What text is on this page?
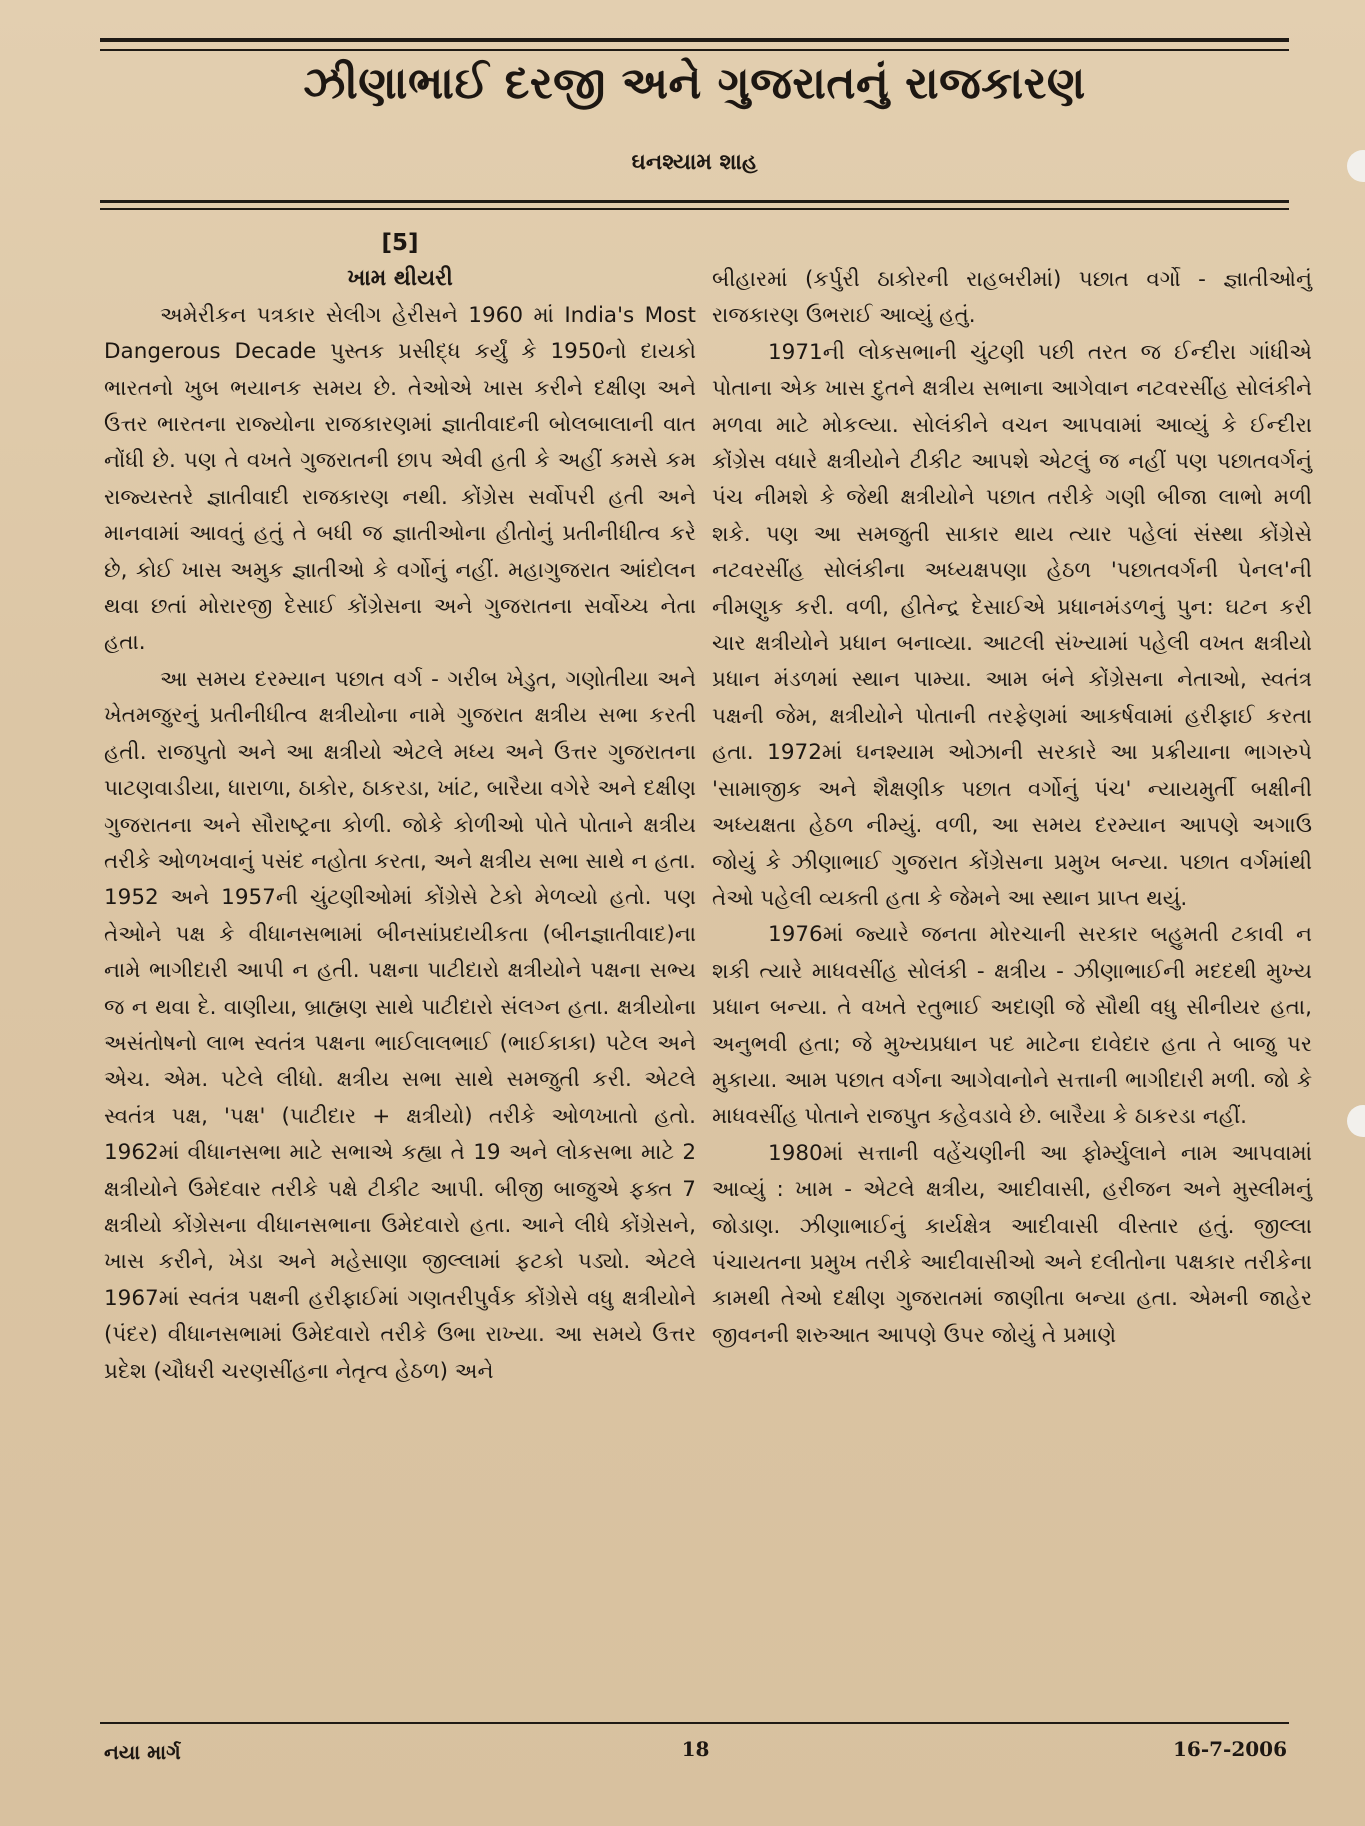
ઝીણાભાઈ દરજી અને ગુજરાતનું રાજકારણ
ઘનશ્યામ શાહ

[5]

ખામ થીયરી

અમેરીકન પત્રકાર સેલીગ હેરીસને 1960 માં India's Most Dangerous Decade પુસ્તક પ્રસીદ્ધ કર્યું કે 1950નો દાયકો ભારતનો ખુબ ભયાનક સમય છે. તેઓએ ખાસ કરીને દક્ષીણ અને ઉત્તર ભારતના રાજ્યોના રાજકારણમાં જ્ઞાતીવાદની બોલબાલાની વાત નોંધી છે. પણ તે વખતે ગુજરાતની છાપ એવી હતી કે અહીં કમસે કમ રાજ્યસ્તરે જ્ઞાતીવાદી રાજકારણ નથી. કોંગ્રેસ સર્વોપરી હતી અને માનવામાં આવતું હતું તે બધી જ જ્ઞાતીઓના હીતોનું પ્રતીનીધીત્વ કરે છે, કોઈ ખાસ અમુક જ્ઞાતીઓ કે વર્ગોનું નહીં. મહાગુજરાત આંદોલન થવા છતાં મોરારજી દેસાઈ કોંગ્રેસના અને ગુજરાતના સર્વોચ્ચ નેતા હતા.

આ સમય દરમ્યાન પછાત વર્ગ - ગરીબ ખેડુત, ગણોતીયા અને ખેતમજુરનું પ્રતીનીધીત્વ ક્ષત્રીયોના નામે ગુજરાત ક્ષત્રીય સભા કરતી હતી. રાજપુતો અને આ ક્ષત્રીયો એટલે મધ્ય અને ઉત્તર ગુજરાતના પાટણવાડીયા, ધારાળા, ઠાકોર, ઠાકરડા, ખાંટ, બારૈયા વગેરે અને દક્ષીણ ગુજરાતના અને સૌરાષ્ટ્રના કોળી. જોકે કોળીઓ પોતે પોતાને ક્ષત્રીય તરીકે ઓળખવાનું પસંદ નહોતા કરતા, અને ક્ષત્રીય સભા સાથે ન હતા. 1952 અને 1957ની ચુંટણીઓમાં કોંગ્રેસે ટેકો મેળવ્યો હતો. પણ તેઓને પક્ષ કે વીધાનસભામાં બીનસાંપ્રદાયીકતા (બીનજ્ઞાતીવાદ)ના નામે ભાગીદારી આપી ન હતી. પક્ષના પાટીદારો ક્ષત્રીયોને પક્ષના સભ્ય જ ન થવા દે. વાણીયા, બ્રાહ્મણ સાથે પાટીદારો સંલગ્ન હતા. ક્ષત્રીયોના અસંતોષનો લાભ સ્વતંત્ર પક્ષના ભાઈલાલભાઈ (ભાઈકાકા) પટેલ અને એચ. એમ. પટેલે લીધો. ક્ષત્રીય સભા સાથે સમજુતી કરી. એટલે સ્વતંત્ર પક્ષ, 'પક્ષ' (પાટીદાર + ક્ષત્રીયો) તરીકે ઓળખાતો હતો. 1962માં વીધાનસભા માટે સભાએ કહ્યા તે 19 અને લોકસભા માટે 2 ક્ષત્રીયોને ઉમેદવાર તરીકે પક્ષે ટીકીટ આપી. બીજી બાજુએ ફક્ત 7 ક્ષત્રીયો કોંગ્રેસના વીધાનસભાના ઉમેદવારો હતા. આને લીધે કોંગ્રેસને, ખાસ કરીને, ખેડા અને મહેસાણા જીલ્લામાં ફટકો પડ્યો. એટલે 1967માં સ્વતંત્ર પક્ષની હરીફાઈમાં ગણતરીપુર્વક કોંગ્રેસે વધુ ક્ષત્રીયોને (પંદર) વીધાનસભામાં ઉમેદવારો તરીકે ઉભા રાખ્યા. આ સમયે ઉત્તર પ્રદેશ (ચૌધરી ચરણસીંહના નેતૃત્વ હેઠળ) અને

બીહારમાં (કર્પુરી ઠાકોરની રાહબરીમાં) પછાત વર્ગો - જ્ઞાતીઓનું રાજકારણ ઉભરાઈ આવ્યું હતું.

1971ની લોકસભાની ચુંટણી પછી તરત જ ઈન્દીરા ગાંધીએ પોતાના એક ખાસ દુતને ક્ષત્રીય સભાના આગેવાન નટવરસીંહ સોલંકીને મળવા માટે મોકલ્યા. સોલંકીને વચન આપવામાં આવ્યું કે ઈન્દીરા કોંગ્રેસ વધારે ક્ષત્રીયોને ટીકીટ આપશે એટલું જ નહીં પણ પછાતવર્ગનું પંચ નીમશે કે જેથી ક્ષત્રીયોને પછાત તરીકે ગણી બીજા લાભો મળી શકે. પણ આ સમજુતી સાકાર થાય ત્યાર પહેલાં સંસ્થા કોંગ્રેસે નટવરસીંહ સોલંકીના અધ્યક્ષપણા હેઠળ 'પછાતવર્ગની પેનલ'ની નીમણુક કરી. વળી, હીતેન્દ્ર દેસાઈએ પ્રધાનમંડળનું પુન: ઘટન કરી ચાર ક્ષત્રીયોને પ્રધાન બનાવ્યા. આટલી સંખ્યામાં પહેલી વખત ક્ષત્રીયો પ્રધાન મંડળમાં સ્થાન પામ્યા. આમ બંને કોંગ્રેસના નેતાઓ, સ્વતંત્ર પક્ષની જેમ, ક્ષત્રીયોને પોતાની તરફેણમાં આકર્ષવામાં હરીફાઈ કરતા હતા. 1972માં ઘનશ્યામ ઓઝાની સરકારે આ પ્રક્રીયાના ભાગરુપે 'સામાજીક અને શૈક્ષણીક પછાત વર્ગોનું પંચ' ન્યાયમુર્તી બક્ષીની અધ્યક્ષતા હેઠળ નીમ્યું. વળી, આ સમય દરમ્યાન આપણે અગાઉ જોયું કે ઝીણાભાઈ ગુજરાત કોંગ્રેસના પ્રમુખ બન્યા. પછાત વર્ગમાંથી તેઓ પહેલી વ્યક્તી હતા કે જેમને આ સ્થાન પ્રાપ્ત થયું.

1976માં જ્યારે જનતા મોરચાની સરકાર બહુમતી ટકાવી ન શકી ત્યારે માધવસીંહ સોલંકી - ક્ષત્રીય - ઝીણાભાઈની મદદથી મુખ્ય પ્રધાન બન્યા. તે વખતે રતુભાઈ અદાણી જે સૌથી વધુ સીનીયર હતા, અનુભવી હતા; જે મુખ્યપ્રધાન પદ માટેના દાવેદાર હતા તે બાજુ પર મુકાયા. આમ પછાત વર્ગના આગેવાનોને સત્તાની ભાગીદારી મળી. જો કે માધવસીંહ પોતાને રાજપુત કહેવડાવે છે. બારૈયા કે ઠાકરડા નહીં.

1980માં સત્તાની વહેંચણીની આ ફોર્મ્યુલાને નામ આપવામાં આવ્યું : ખામ - એટલે ક્ષત્રીય, આદીવાસી, હરીજન અને મુસ્લીમનું જોડાણ. ઝીણાભાઈનું કાર્યક્ષેત્ર આદીવાસી વીસ્તાર હતું. જીલ્લા પંચાયતના પ્રમુખ તરીકે આદીવાસીઓ અને દલીતોના પક્ષકાર તરીકેના કામથી તેઓ દક્ષીણ ગુજરાતમાં જાણીતા બન્યા હતા. એમની જાહેર જીવનની શરુઆત આપણે ઉપર જોયું તે પ્રમાણે

નયા માર્ગ	18	16-7-2006
